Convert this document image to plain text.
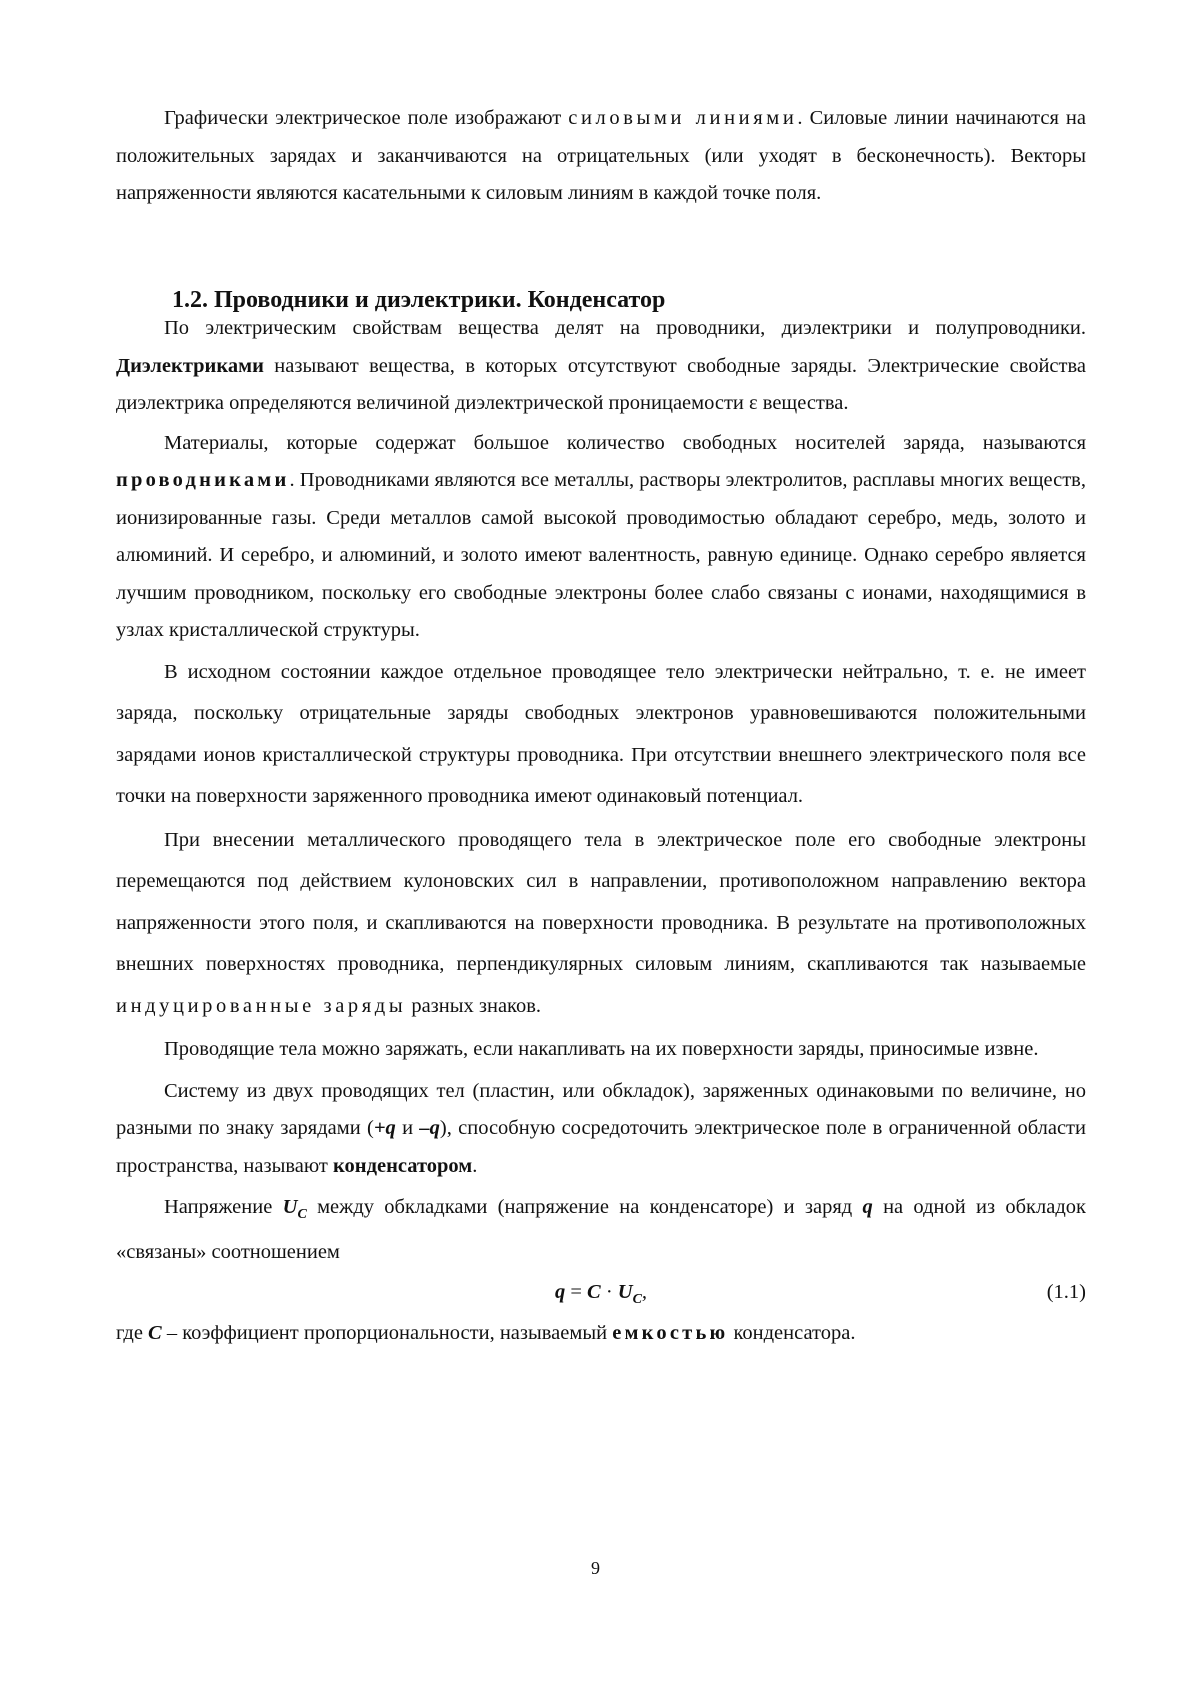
Графически электрическое поле изображают силовыми линиями. Силовые линии начинаются на положительных зарядах и заканчиваются на отрицательных (или уходят в бесконечность). Векторы напряженности являются касательными к силовым линиям в каждой точке поля.

1.2. Проводники и диэлектрики. Конденсатор

По электрическим свойствам вещества делят на проводники, диэлектрики и полупроводники. Диэлектриками называют вещества, в которых отсутствуют свободные заряды. Электрические свойства диэлектрика определяются величиной диэлектрической проницаемости ε вещества.

Материалы, которые содержат большое количество свободных носителей заряда, называются проводниками. Проводниками являются все металлы, растворы электролитов, расплавы многих веществ, ионизированные газы. Среди металлов самой высокой проводимостью обладают серебро, медь, золото и алюминий. И серебро, и алюминий, и золото имеют валентность, равную единице. Однако серебро является лучшим проводником, поскольку его свободные электроны более слабо связаны с ионами, находящимися в узлах кристаллической структуры.

В исходном состоянии каждое отдельное проводящее тело электрически нейтрально, т. е. не имеет заряда, поскольку отрицательные заряды свободных электронов уравновешиваются положительными зарядами ионов кристаллической структуры проводника. При отсутствии внешнего электрического поля все точки на поверхности заряженного проводника имеют одинаковый потенциал.

При внесении металлического проводящего тела в электрическое поле его свободные электроны перемещаются под действием кулоновских сил в направлении, противоположном направлению вектора напряженности этого поля, и скапливаются на поверхности проводника. В результате на противоположных внешних поверхностях проводника, перпендикулярных силовым линиям, скапливаются так называемые индуцированные заряды разных знаков.

Проводящие тела можно заряжать, если накапливать на их поверхности заряды, приносимые извне.

Систему из двух проводящих тел (пластин, или обкладок), заряженных одинаковыми по величине, но разными по знаку зарядами (+q и –q), способную сосредоточить электрическое поле в ограниченной области пространства, называют конденсатором.

Напряжение $U_C$ между обкладками (напряжение на конденсаторе) и заряд q на одной из обкладок «связаны» соотношением

$q = C \cdot U_C$,	(1.1)

где C – коэффициент пропорциональности, называемый емкостью конденсатора.

9
